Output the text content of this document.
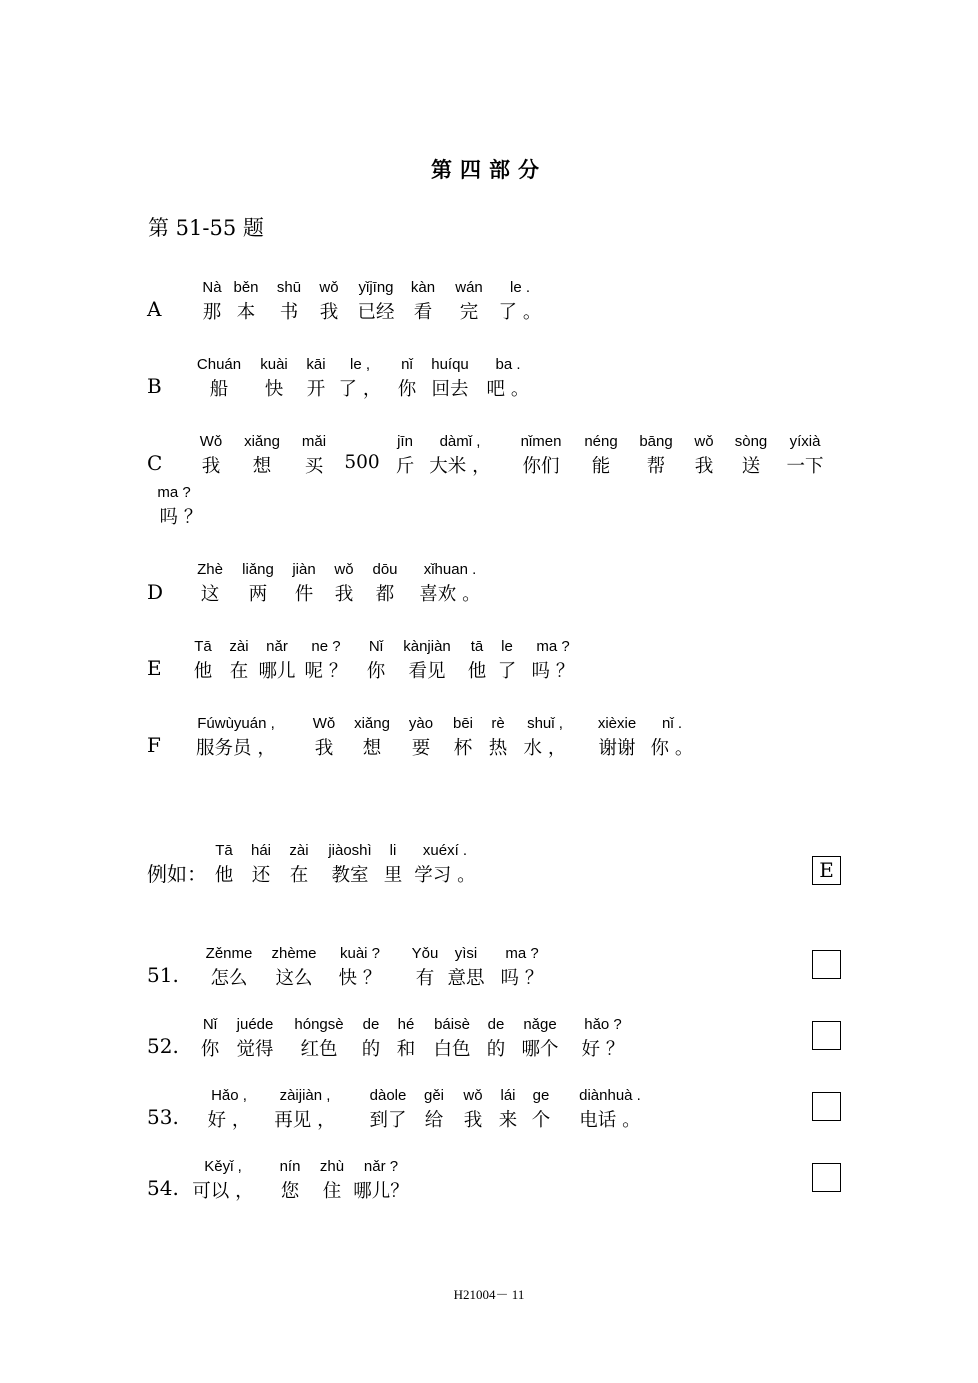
第四部分
第 51-55 题
A
Nà
那
běn
本
shū
书
wǒ
我
yǐjīng
已经
kàn
看
wán
完
le .
了 。
B
Chuán
船
kuài
快
kāi
开
le ,
了 ，
nǐ
你
huíqu
回去
ba .
吧 。
C
Wǒ
我
xiǎng
想
mǎi
买 500
jīn
斤
dàmǐ ,
大米 ，
nǐmen
你们
néng
能
bāng
帮
wǒ
我
sòng
送
yíxià
一下
ma ?
吗 ？
D
Zhè
这
liǎng
两
jiàn
件
wǒ
我
dōu
都
xǐhuan .
喜欢 。
E
Tā
他
zài
在
nǎr
哪儿
ne ?
呢 ？
Nǐ
你
kànjiàn
看见
tā
他
le
了
ma ?
吗 ？
F
Fúwùyuán ,
服务员 ，
Wǒ
我
xiǎng
想
yào
要
bēi
杯
rè
热
shuǐ ,
水 ，
xièxie
谢谢
nǐ .
你 。
E
例如：
Tā
他
hái
还
zài
在
jiàoshì
教室
li
里
xuéxí .
学习 。
51.
Zěnme
怎么
zhème
这么
kuài ?
快 ？
Yǒu
有
yìsi
意思
ma ?
吗 ？
52.
Nǐ
你
juéde
觉得
hóngsè
红色
de
的
hé
和
báisè
白色
de
的
nǎge
哪个
hǎo ?
好 ？
53.
Hǎo ,
好 ，
zàijiàn ,
再见 ，
dàole
到了
gěi
给
wǒ
我
lái
来
ge
个
diànhuà .
电话 。
54.
Kěyǐ ,
可以 ，
nín
您
zhù
住
nǎr ?
哪儿？
H21004－ 11
